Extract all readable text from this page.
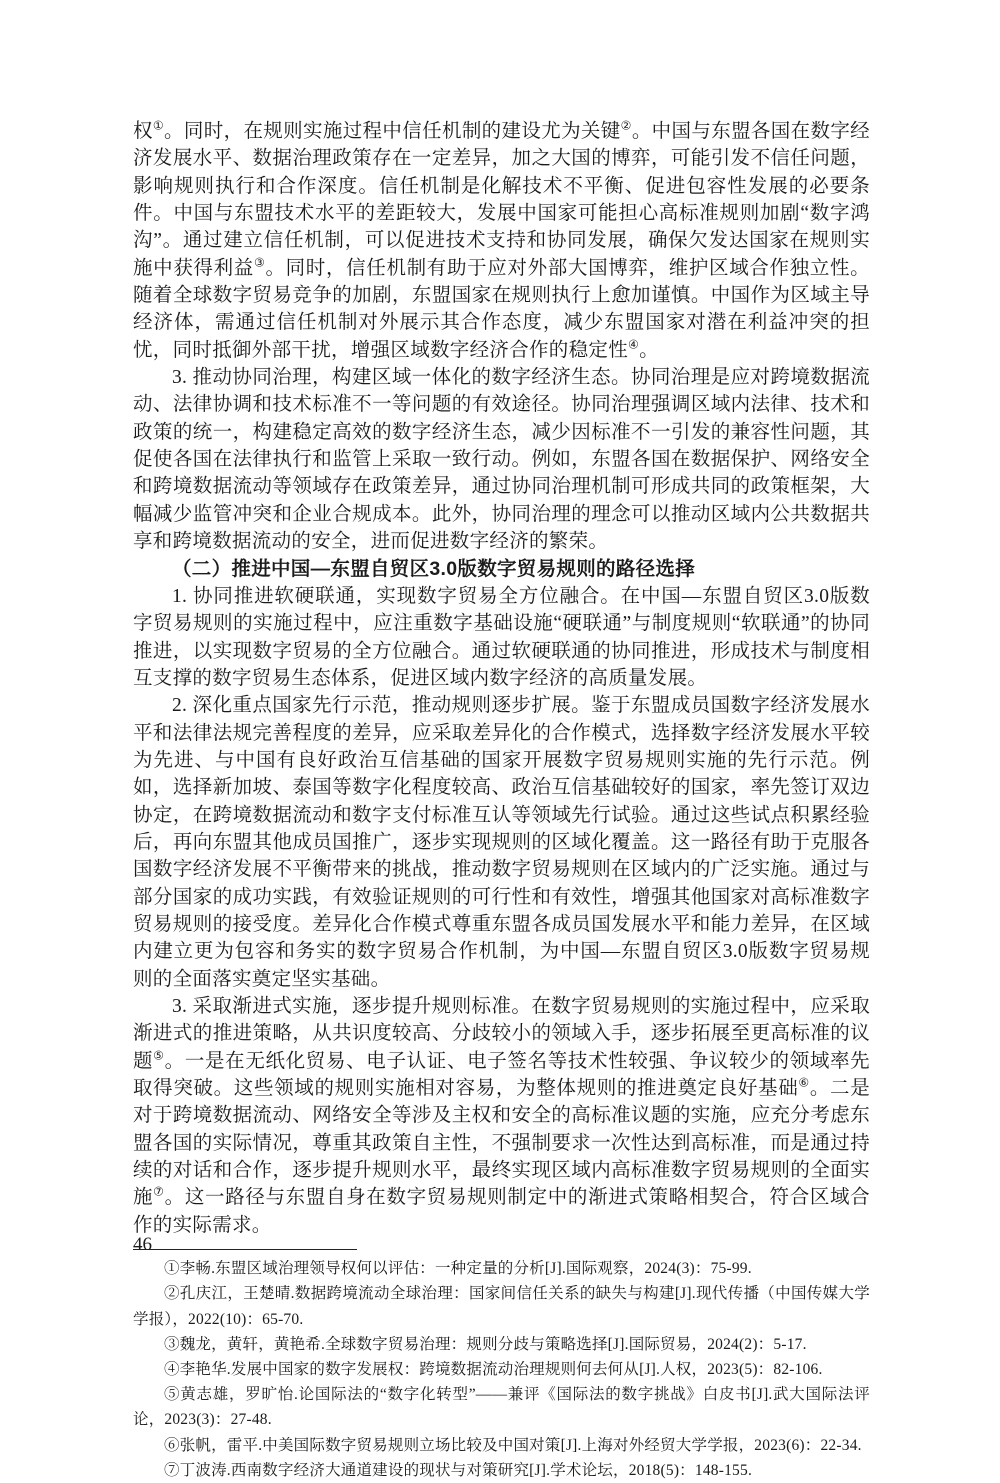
权①。同时，在规则实施过程中信任机制的建设尤为关键②。中国与东盟各国在数字经济发展水平、数据治理政策存在一定差异，加之大国的博弈，可能引发不信任问题，影响规则执行和合作深度。信任机制是化解技术不平衡、促进包容性发展的必要条件。中国与东盟技术水平的差距较大，发展中国家可能担心高标准规则加剧“数字鸿沟”。通过建立信任机制，可以促进技术支持和协同发展，确保欠发达国家在规则实施中获得利益③。同时，信任机制有助于应对外部大国博弈，维护区域合作独立性。随着全球数字贸易竞争的加剧，东盟国家在规则执行上愈加谨慎。中国作为区域主导经济体，需通过信任机制对外展示其合作态度，减少东盟国家对潜在利益冲突的担忧，同时抵御外部干扰，增强区域数字经济合作的稳定性④。

3. 推动协同治理，构建区域一体化的数字经济生态。协同治理是应对跨境数据流动、法律协调和技术标准不一等问题的有效途径。协同治理强调区域内法律、技术和政策的统一，构建稳定高效的数字经济生态，减少因标准不一引发的兼容性问题，其促使各国在法律执行和监管上采取一致行动。例如，东盟各国在数据保护、网络安全和跨境数据流动等领域存在政策差异，通过协同治理机制可形成共同的政策框架，大幅减少监管冲突和企业合规成本。此外，协同治理的理念可以推动区域内公共数据共享和跨境数据流动的安全，进而促进数字经济的繁荣。

（二）推进中国—东盟自贸区3.0版数字贸易规则的路径选择

1. 协同推进软硬联通，实现数字贸易全方位融合。在中国—东盟自贸区3.0版数字贸易规则的实施过程中，应注重数字基础设施“硬联通”与制度规则“软联通”的协同推进，以实现数字贸易的全方位融合。通过软硬联通的协同推进，形成技术与制度相互支撑的数字贸易生态体系，促进区域内数字经济的高质量发展。

2. 深化重点国家先行示范，推动规则逐步扩展。鉴于东盟成员国数字经济发展水平和法律法规完善程度的差异，应采取差异化的合作模式，选择数字经济发展水平较为先进、与中国有良好政治互信基础的国家开展数字贸易规则实施的先行示范。例如，选择新加坡、泰国等数字化程度较高、政治互信基础较好的国家，率先签订双边协定，在跨境数据流动和数字支付标准互认等领域先行试验。通过这些试点积累经验后，再向东盟其他成员国推广，逐步实现规则的区域化覆盖。这一路径有助于克服各国数字经济发展不平衡带来的挑战，推动数字贸易规则在区域内的广泛实施。通过与部分国家的成功实践，有效验证规则的可行性和有效性，增强其他国家对高标准数字贸易规则的接受度。差异化合作模式尊重东盟各成员国发展水平和能力差异，在区域内建立更为包容和务实的数字贸易合作机制，为中国—东盟自贸区3.0版数字贸易规则的全面落实奠定坚实基础。

3. 采取渐进式实施，逐步提升规则标准。在数字贸易规则的实施过程中，应采取渐进式的推进策略，从共识度较高、分歧较小的领域入手，逐步拓展至更高标准的议题⑤。一是在无纸化贸易、电子认证、电子签名等技术性较强、争议较少的领域率先取得突破。这些领域的规则实施相对容易，为整体规则的推进奠定良好基础⑥。二是对于跨境数据流动、网络安全等涉及主权和安全的高标准议题的实施，应充分考虑东盟各国的实际情况，尊重其政策自主性，不强制要求一次性达到高标准，而是通过持续的对话和合作，逐步提升规则水平，最终实现区域内高标准数字贸易规则的全面实施⑦。这一路径与东盟自身在数字贸易规则制定中的渐进式策略相契合，符合区域合作的实际需求。

①李畅.东盟区域治理领导权何以评估：一种定量的分析[J].国际观察，2024(3)：75-99.

②孔庆江，王楚晴.数据跨境流动全球治理：国家间信任关系的缺失与构建[J].现代传播（中国传媒大学学报），2022(10)：65-70.

③魏龙，黄轩，黄艳希.全球数字贸易治理：规则分歧与策略选择[J].国际贸易，2024(2)：5-17.

④李艳华.发展中国家的数字发展权：跨境数据流动治理规则何去何从[J].人权，2023(5)：82-106.

⑤黄志雄，罗旷怡.论国际法的“数字化转型”——兼评《国际法的数字挑战》白皮书[J].武大国际法评论，2023(3)：27-48.

⑥张帆，雷平.中美国际数字贸易规则立场比较及中国对策[J].上海对外经贸大学学报，2023(6)：22-34.

⑦丁波涛.西南数字经济大通道建设的现状与对策研究[J].学术论坛，2018(5)：148-155.

46
